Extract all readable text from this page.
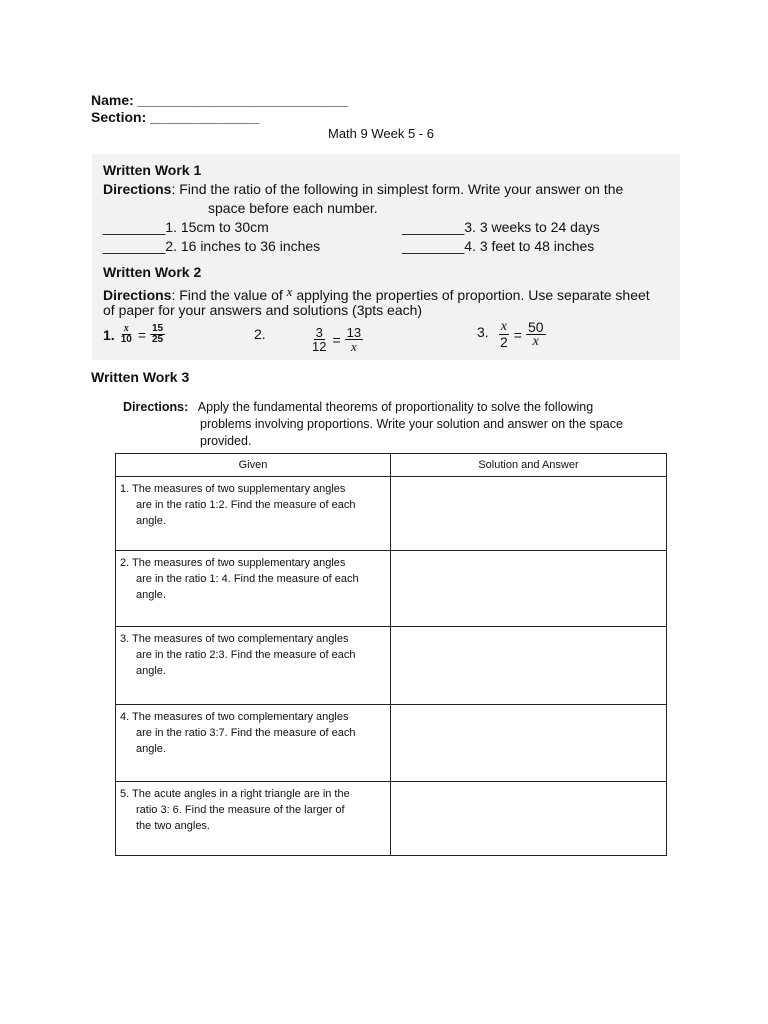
Name: ___________________________
Section: ______________
Math 9 Week 5 - 6
Written Work 1
Directions: Find the ratio of the following in simplest form. Write your answer on the
space before each number.
________1. 15cm to 30cm
________2. 16 inches to 36 inches
________3. 3 weeks to 24 days
________4. 3 feet to 48 inches
Written Work 2
Directions: Find the value of x applying the properties of proportion. Use separate sheet
of paper for your answers and solutions (3pts each)
1. $\frac{x}{10} = \frac{15}{25}$	2.	$\frac{3}{12} = \frac{13}{x}$	3. $\frac{x}{2} = \frac{50}{x}$
Written Work 3
Directions: Apply the fundamental theorems of proportionality to solve the following
problems involving proportions. Write your solution and answer on the space
provided.
Given	Solution and Answer

1. The measures of two supplementary angles
are in the ratio 1:2. Find the measure of each
angle.	

2. The measures of two supplementary angles
are in the ratio 1: 4. Find the measure of each
angle.	

3. The measures of two complementary angles
are in the ratio 2:3. Find the measure of each
angle.	

4. The measures of two complementary angles
are in the ratio 3:7. Find the measure of each
angle.	

5. The acute angles in a right triangle are in the
ratio 3: 6. Find the measure of the larger of
the two angles.	
